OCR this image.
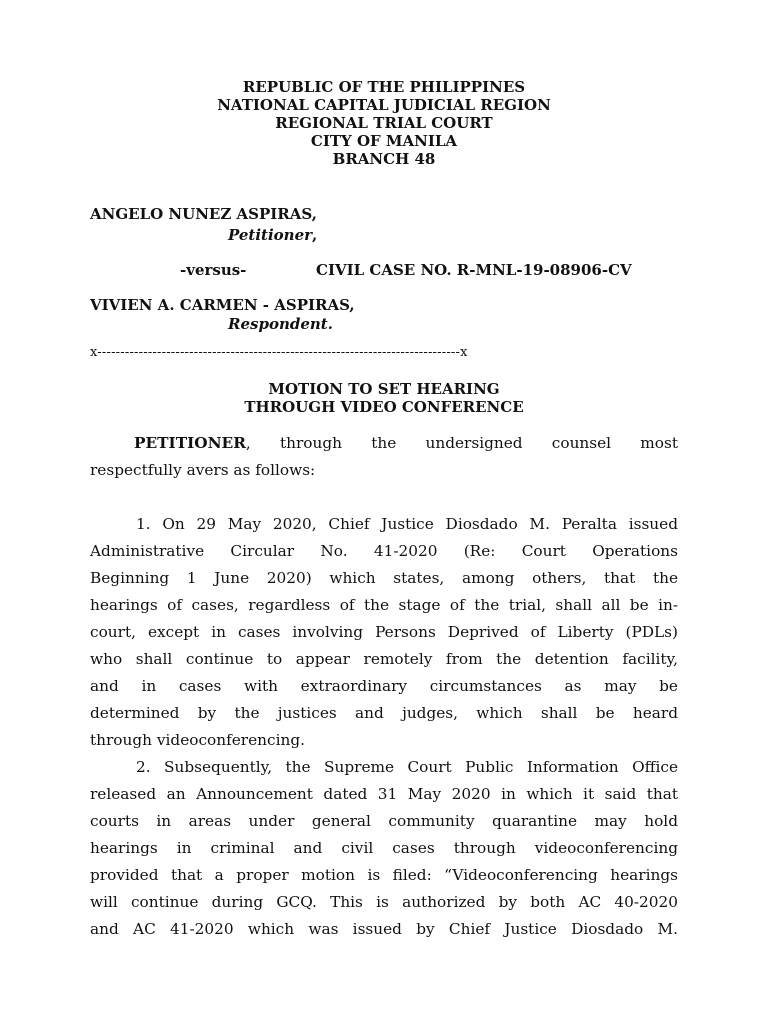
REPUBLIC OF THE PHILIPPINES
NATIONAL CAPITAL JUDICIAL REGION
REGIONAL TRIAL COURT
CITY OF MANILA
BRANCH 48
ANGELO NUNEZ ASPIRAS,
Petitioner,
-versus-	CIVIL CASE NO. R-MNL-19-08906-CV
VIVIEN A. CARMEN - ASPIRAS,
Respondent.
x-------------------------------------------------------------------------------x
MOTION TO SET HEARING
THROUGH VIDEO CONFERENCE
PETITIONER, through the undersigned counsel most
respectfully avers as follows:
1. On 29 May 2020, Chief Justice Diosdado M. Peralta issued
Administrative Circular No. 41-2020 (Re: Court Operations
Beginning 1 June 2020) which states, among others, that the
hearings of cases, regardless of the stage of the trial, shall all be in-
court, except in cases involving Persons Deprived of Liberty (PDLs)
who shall continue to appear remotely from the detention facility,
and in cases with extraordinary circumstances as may be
determined by the justices and judges, which shall be heard
through videoconferencing.
2. Subsequently, the Supreme Court Public Information Office
released an Announcement dated 31 May 2020 in which it said that
courts in areas under general community quarantine may hold
hearings in criminal and civil cases through videoconferencing
provided that a proper motion is filed: “Videoconferencing hearings
will continue during GCQ. This is authorized by both AC 40-2020
and AC 41-2020 which was issued by Chief Justice Diosdado M.
